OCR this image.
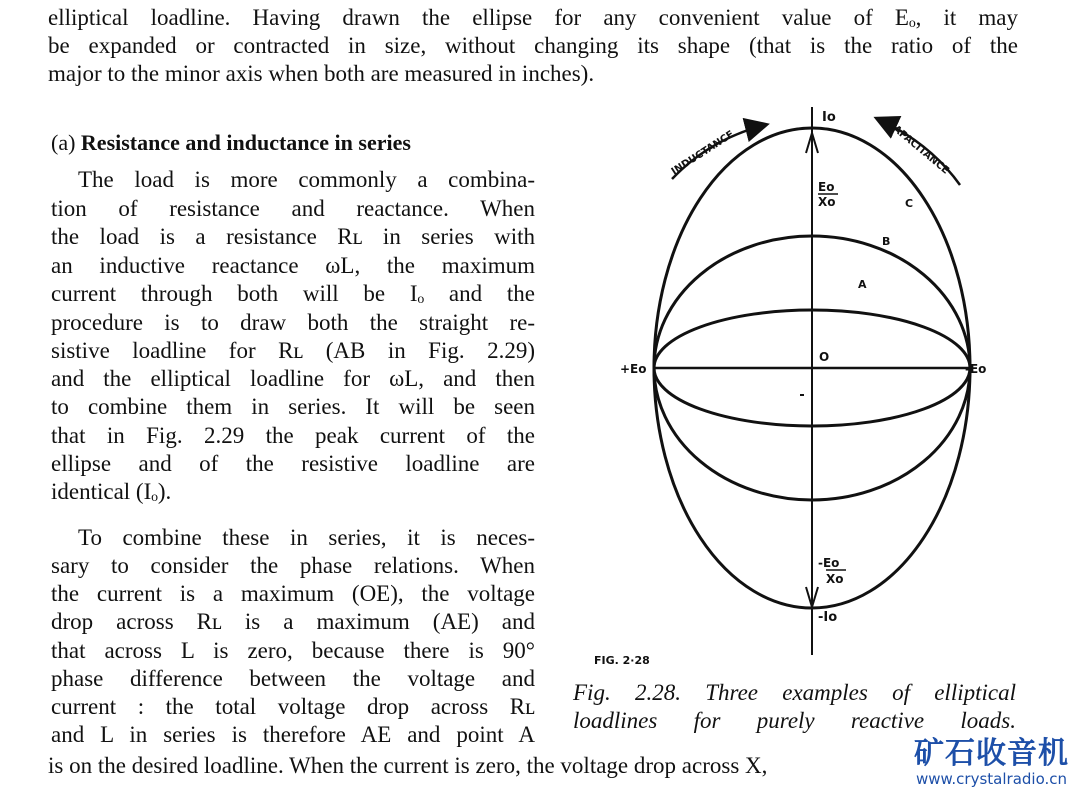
elliptical loadline. Having drawn the ellipse for any convenient value of Eₒ, it may
be expanded or contracted in size, without changing its shape (that is the ratio of the
major to the minor axis when both are measured in inches).
(a) Resistance and inductance in series
The load is more commonly a combina-
tion of resistance and reactance. When
the load is a resistance Rʟ in series with
an inductive reactance ωL, the maximum
current through both will be Iₒ and the
procedure is to draw both the straight re-
sistive loadline for Rʟ (AB in Fig. 2.29)
and the elliptical loadline for ωL, and then
to combine them in series. It will be seen
that in Fig. 2.29 the peak current of the
ellipse and of the resistive loadline are
identical (Iₒ).
To combine these in series, it is neces-
sary to consider the phase relations. When
the current is a maximum (OE), the voltage
drop across Rʟ is a maximum (AE) and
that across L is zero, because there is 90°
phase difference between the voltage and
current : the total voltage drop across Rʟ
and L in series is therefore AE and point A
is on the desired loadline. When the current is zero, the voltage drop across X,
Io
Eo
Xo	C
B
A
O
+Eo	-Eo
-Eo
Xo
-Io
INDUCTANCE	CAPACITANCE
FIG. 2·28
Fig. 2.28. Three examples of elliptical
loadlines for purely reactive loads.
矿石收音机
www.crystalradio.cn
